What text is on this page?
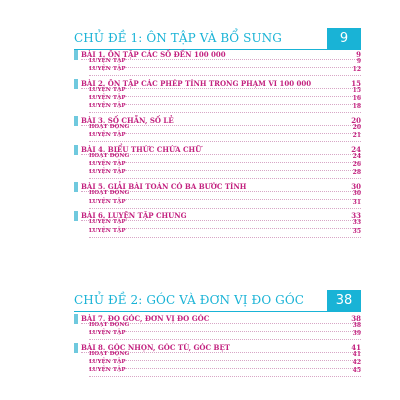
CHỦ ĐỀ 1: ÔN TẬP VÀ BỔ SUNG	9
BÀI 1. ÔN TẬP CÁC SỐ ĐẾN 100 000	9
LUYỆN TẬP	9
LUYỆN TẬP	12
BÀI 2. ÔN TẬP CÁC PHÉP TÍNH TRONG PHẠM VI 100 000	15
LUYỆN TẬP	15
LUYỆN TẬP	16
LUYỆN TẬP	18
BÀI 3. SỐ CHẴN, SỐ LẺ	20
HOẠT ĐỘNG	20
LUYỆN TẬP	21
BÀI 4. BIỂU THỨC CHỨA CHỮ	24
HOẠT ĐỘNG	24
LUYỆN TẬP	26
LUYỆN TẬP	28
BÀI 5. GIẢI BÀI TOÁN CÓ BA BƯỚC TÍNH	30
HOẠT ĐỘNG	30
LUYỆN TẬP	31
BÀI 6. LUYỆN TẬP CHUNG	33
LUYỆN TẬP	33
LUYỆN TẬP	35
CHỦ ĐỀ 2: GÓC VÀ ĐƠN VỊ ĐO GÓC	38
BÀI 7. ĐO GÓC, ĐƠN VỊ ĐO GÓC	38
HOẠT ĐỘNG	38
LUYỆN TẬP	39
BÀI 8. GÓC NHỌN, GÓC TÙ, GÓC BẸT	41
HOẠT ĐỘNG	41
LUYỆN TẬP	42
LUYỆN TẬP	45
